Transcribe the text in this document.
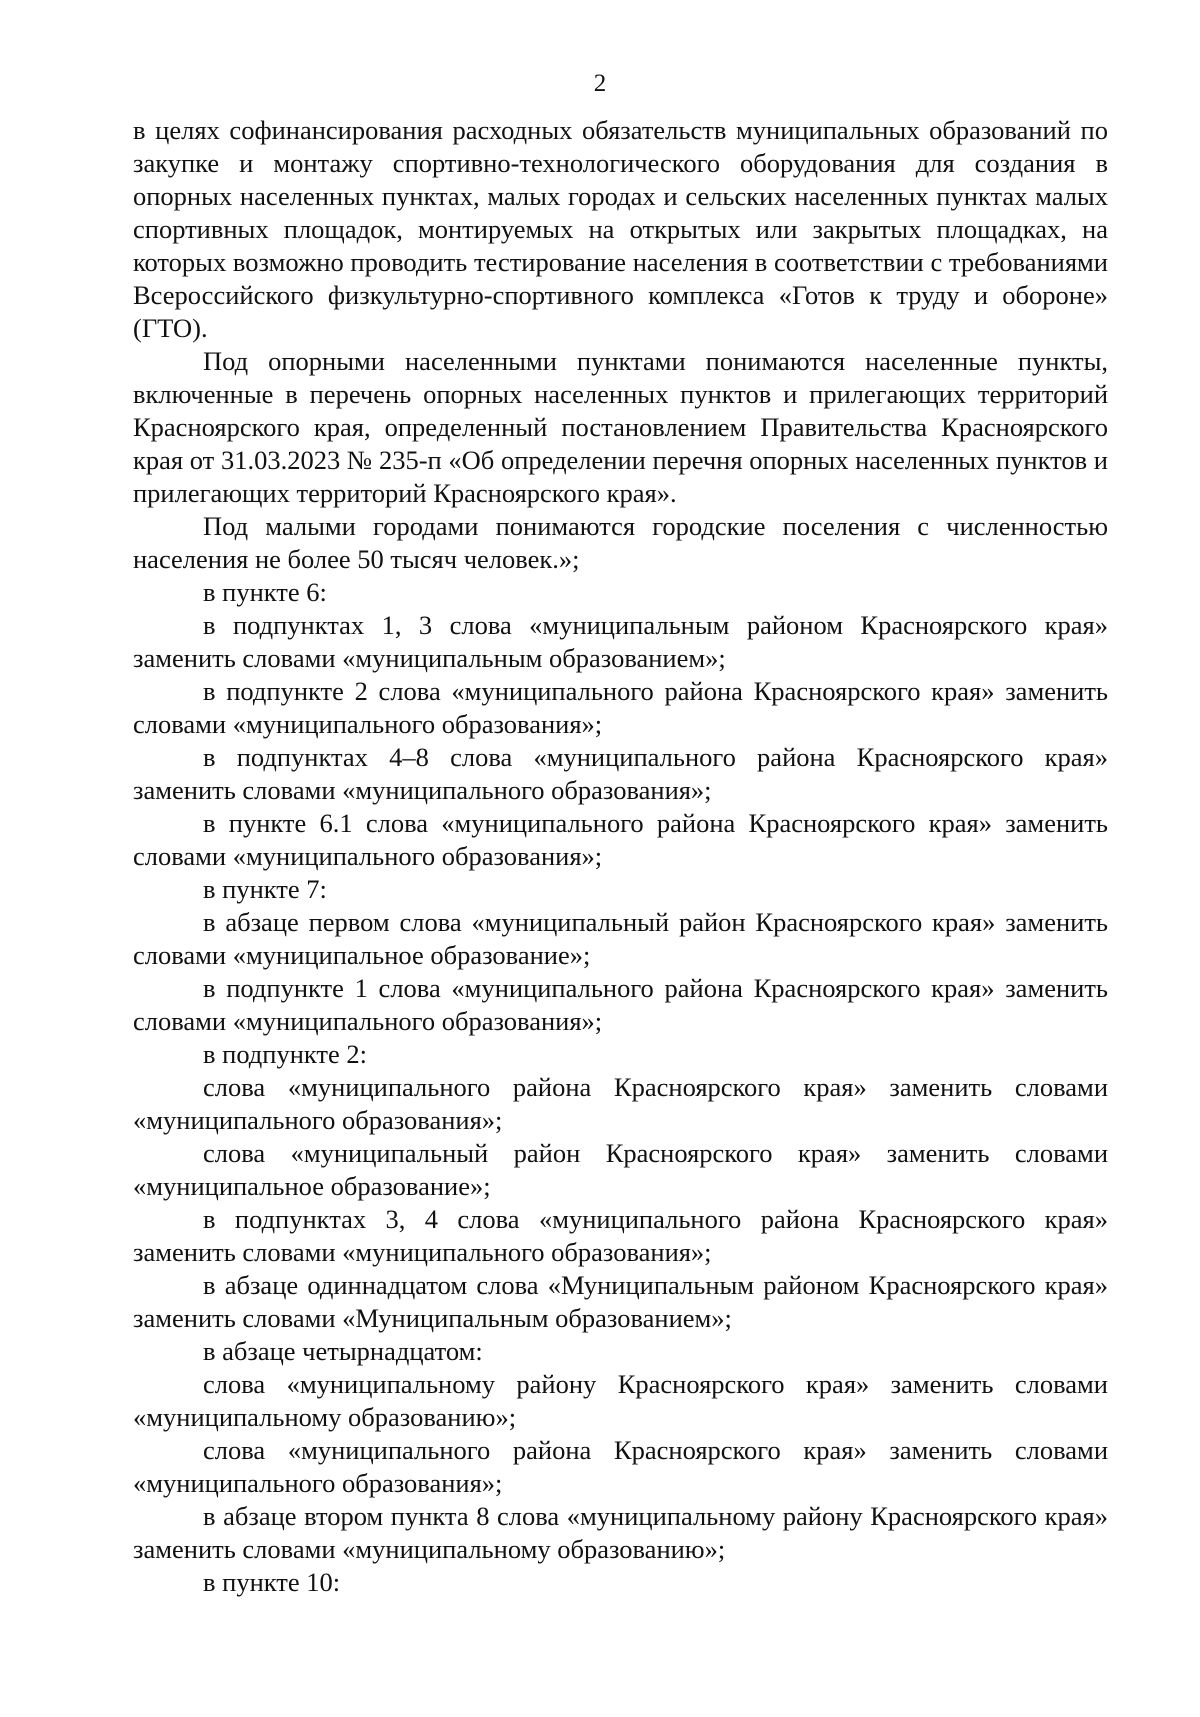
2

в целях софинансирования расходных обязательств муниципальных образований по закупке и монтажу спортивно-технологического оборудования для создания в опорных населенных пунктах, малых городах и сельских населенных пунктах малых спортивных площадок, монтируемых на открытых или закрытых площадках, на которых возможно проводить тестирование населения в соответствии с требованиями Всероссийского физкультурно-спортивного комплекса «Готов к труду и обороне» (ГТО).

Под опорными населенными пунктами понимаются населенные пункты, включенные в перечень опорных населенных пунктов и прилегающих территорий Красноярского края, определенный постановлением Правительства Красноярского края от 31.03.2023 № 235-п «Об определении перечня опорных населенных пунктов и прилегающих территорий Красноярского края».

Под малыми городами понимаются городские поселения с численностью населения не более 50 тысяч человек.»;

в пункте 6:

в подпунктах 1, 3 слова «муниципальным районом Красноярского края» заменить словами «муниципальным образованием»;

в подпункте 2 слова «муниципального района Красноярского края» заменить словами «муниципального образования»;

в подпунктах 4–8 слова «муниципального района Красноярского края» заменить словами «муниципального образования»;

в пункте 6.1 слова «муниципального района Красноярского края» заменить словами «муниципального образования»;

в пункте 7:

в абзаце первом слова «муниципальный район Красноярского края» заменить словами «муниципальное образование»;

в подпункте 1 слова «муниципального района Красноярского края» заменить словами «муниципального образования»;

в подпункте 2:

слова «муниципального района Красноярского края» заменить словами «муниципального образования»;

слова «муниципальный район Красноярского края» заменить словами «муниципальное образование»;

в подпунктах 3, 4 слова «муниципального района Красноярского края» заменить словами «муниципального образования»;

в абзаце одиннадцатом слова «Муниципальным районом Красноярского края» заменить словами «Муниципальным образованием»;

в абзаце четырнадцатом:

слова «муниципальному району Красноярского края» заменить словами «муниципальному образованию»;

слова «муниципального района Красноярского края» заменить словами «муниципального образования»;

в абзаце втором пункта 8 слова «муниципальному району Красноярского края» заменить словами «муниципальному образованию»;

в пункте 10:
